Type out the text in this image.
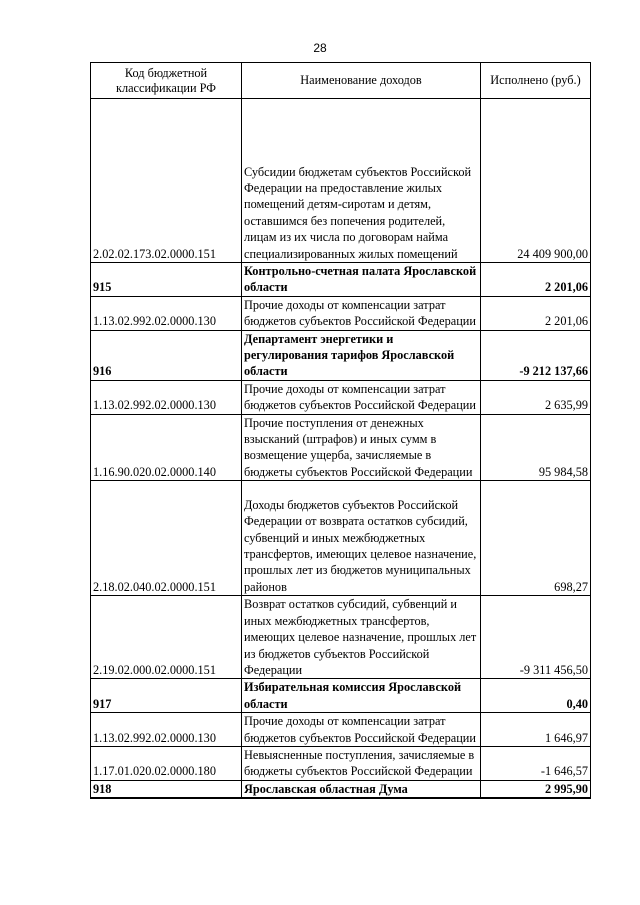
28
Код бюджетной классификации РФ	Наименование доходов	Исполнено (руб.)
2.02.02.173.02.0000.151	Субсидии бюджетам субъектов Российской Федерации на предоставление жилых помещений детям-сиротам и детям, оставшимся без попечения родителей, лицам из их числа по договорам найма специализированных жилых помещений	24 409 900,00
915	Контрольно-счетная палата Ярославской области	2 201,06
1.13.02.992.02.0000.130	Прочие доходы от компенсации затрат бюджетов субъектов Российской Федерации	2 201,06
916	Департамент энергетики и регулирования тарифов Ярославской области	-9 212 137,66
1.13.02.992.02.0000.130	Прочие доходы от компенсации затрат бюджетов субъектов Российской Федерации	2 635,99
1.16.90.020.02.0000.140	Прочие поступления от денежных взысканий (штрафов) и иных сумм в возмещение ущерба, зачисляемые в бюджеты субъектов Российской Федерации	95 984,58
2.18.02.040.02.0000.151	Доходы бюджетов субъектов Российской Федерации от возврата остатков субсидий, субвенций и иных межбюджетных трансфертов, имеющих целевое назначение, прошлых лет из бюджетов муниципальных районов	698,27
2.19.02.000.02.0000.151	Возврат остатков субсидий, субвенций и иных межбюджетных трансфертов, имеющих целевое назначение, прошлых лет из бюджетов субъектов Российской Федерации	-9 311 456,50
917	Избирательная комиссия Ярославской области	0,40
1.13.02.992.02.0000.130	Прочие доходы от компенсации затрат бюджетов субъектов Российской Федерации	1 646,97
1.17.01.020.02.0000.180	Невыясненные поступления, зачисляемые в бюджеты субъектов Российской Федерации	-1 646,57
918	Ярославская областная Дума	2 995,90
